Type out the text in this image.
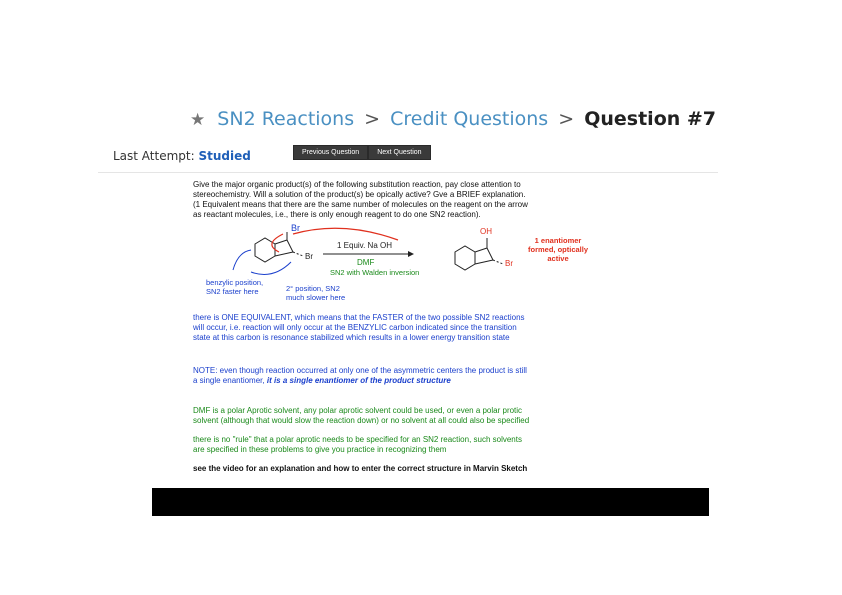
★ SN2 Reactions > Credit Questions > Question #7
Last Attempt: Studied	Previous Question	Next Question
Give the major organic product(s) of the following substitution reaction, pay close attention to
stereochemistry. Will a solution of the product(s) be opically active? Gve a BRIEF explanation.
(1 Equivalent means that there are the same number of molecules on the reagent on the arrow
as reactant molecules, i.e., there is only enough reagent to do one SN2 reaction).
Br
Br
1 Equiv. Na OH
DMF
SN2 with Walden inversion
OH
Br
1 enantiomer
formed, optically
active
benzylic position,
SN2 faster here	2° position, SN2
much slower here
there is ONE EQUIVALENT, which means that the FASTER of the two possible SN2 reactions
will occur, i.e. reaction will only occur at the BENZYLIC carbon indicated since the transition
state at this carbon is resonance stabilized which results in a lower energy transition state
NOTE: even though reaction occurred at only one of the asymmetric centers the product is still
a single enantiomer, it is a single enantiomer of the product structure
DMF is a polar Aprotic solvent, any polar aprotic solvent could be used, or even a polar protic
solvent (although that would slow the reaction down) or no solvent at all could also be specified
there is no "rule" that a polar aprotic needs to be specified for an SN2 reaction, such solvents
are specified in these problems to give you practice in recognizing them
see the video for an explanation and how to enter the correct structure in Marvin Sketch
